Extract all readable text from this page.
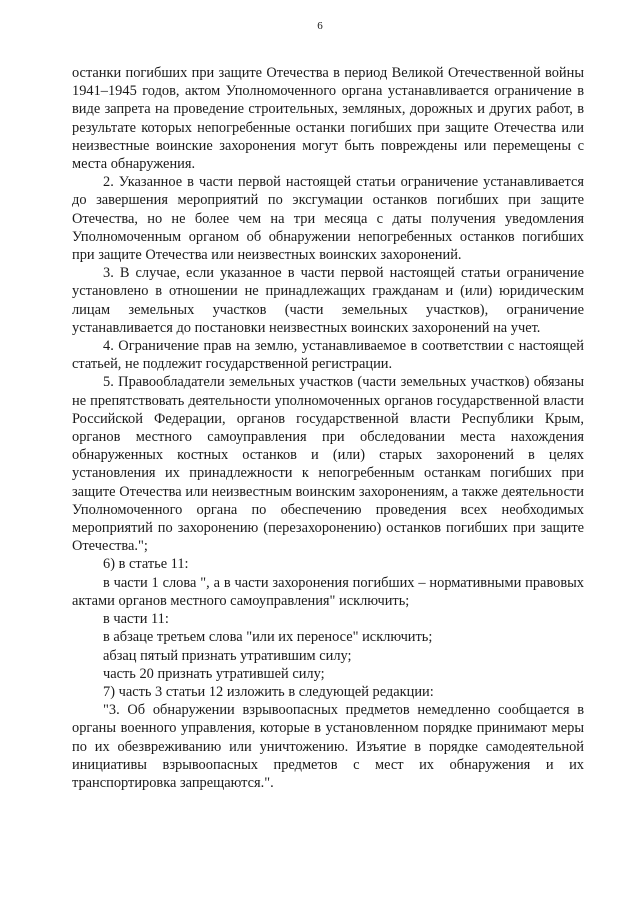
6

останки погибших при защите Отечества в период Великой Отечественной войны 1941–1945 годов, актом Уполномоченного органа устанавливается ограничение в виде запрета на проведение строительных, земляных, дорожных и других работ, в результате которых непогребенные останки погибших при защите Отечества или неизвестные воинские захоронения могут быть повреждены или перемещены с места обнаружения.

2. Указанное в части первой настоящей статьи ограничение устанавливается до завершения мероприятий по эксгумации останков погибших при защите Отечества, но не более чем на три месяца с даты получения уведомления Уполномоченным органом об обнаружении непогребенных останков погибших при защите Отечества или неизвестных воинских захоронений.

3. В случае, если указанное в части первой настоящей статьи ограничение установлено в отношении не принадлежащих гражданам и (или) юридическим лицам земельных участков (части земельных участков), ограничение устанавливается до постановки неизвестных воинских захоронений на учет.

4. Ограничение прав на землю, устанавливаемое в соответствии с настоящей статьей, не подлежит государственной регистрации.

5. Правообладатели земельных участков (части земельных участков) обязаны не препятствовать деятельности уполномоченных органов государственной власти Российской Федерации, органов государственной власти Республики Крым, органов местного самоуправления при обследовании места нахождения обнаруженных костных останков и (или) старых захоронений в целях установления их принадлежности к непогребенным останкам погибших при защите Отечества или неизвестным воинским захоронениям, а также деятельности Уполномоченного органа по обеспечению проведения всех необходимых мероприятий по захоронению (перезахоронению) останков погибших при защите Отечества.";

6) в статье 11:

в части 1 слова ", а в части захоронения погибших – нормативными правовых актами органов местного самоуправления" исключить;

в части 11:

в абзаце третьем слова "или их переносе" исключить;

абзац пятый признать утратившим силу;

часть 20 признать утратившей силу;

7) часть 3 статьи 12 изложить в следующей редакции:

"3. Об обнаружении взрывоопасных предметов немедленно сообщается в органы военного управления, которые в установленном порядке принимают меры по их обезвреживанию или уничтожению. Изъятие в порядке самодеятельной инициативы взрывоопасных предметов с мест их обнаружения и их транспортировка запрещаются.".
